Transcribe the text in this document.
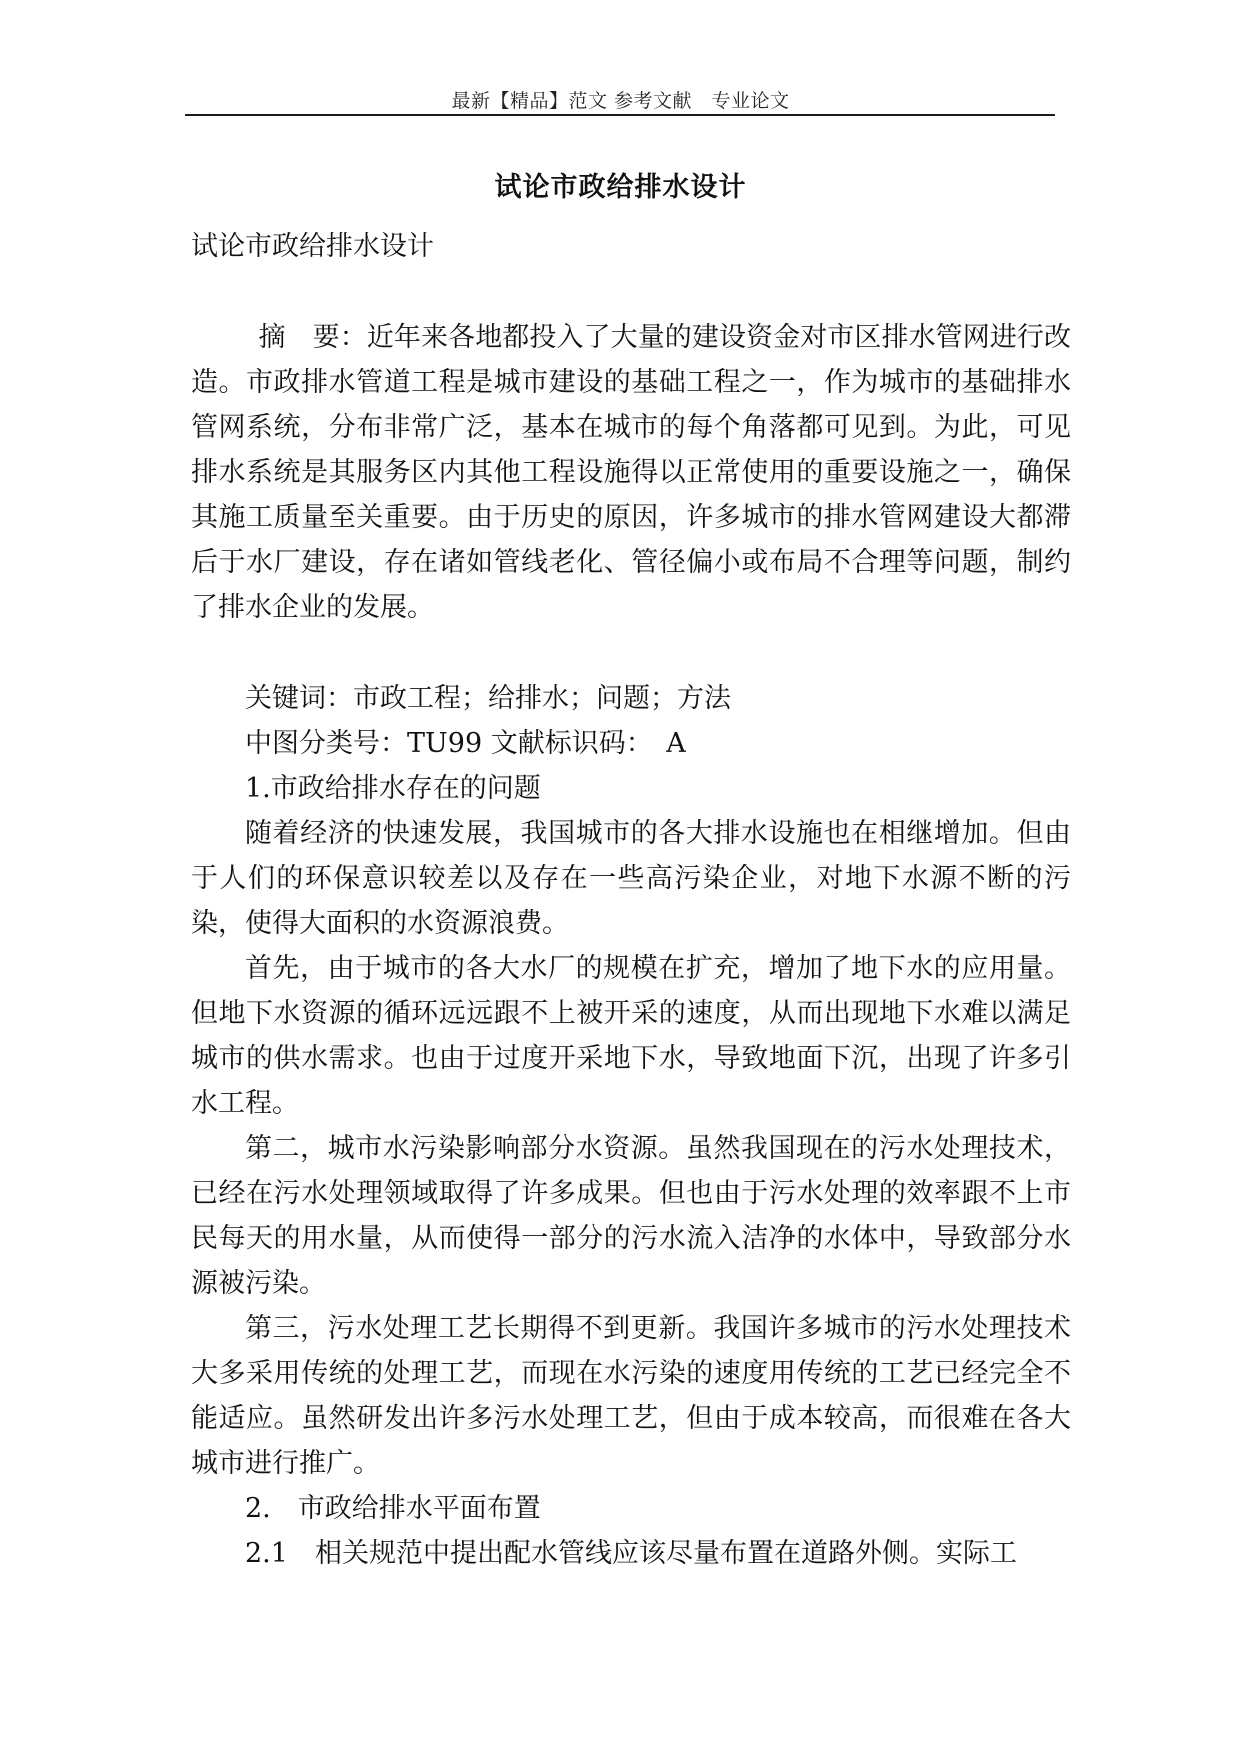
最新【精品】范文 参考文献　专业论文
试论市政给排水设计

试论市政给排水设计

摘　要：近年来各地都投入了大量的建设资金对市区排水管网进行改造。市政排水管道工程是城市建设的基础工程之一，作为城市的基础排水管网系统，分布非常广泛，基本在城市的每个角落都可见到。为此，可见排水系统是其服务区内其他工程设施得以正常使用的重要设施之一，确保其施工质量至关重要。由于历史的原因，许多城市的排水管网建设大都滞后于水厂建设，存在诸如管线老化、管径偏小或布局不合理等问题，制约了排水企业的发展。

关键词：市政工程；给排水；问题；方法

中图分类号：TU99 文献标识码：　A

1.市政给排水存在的问题

随着经济的快速发展，我国城市的各大排水设施也在相继增加。但由于人们的环保意识较差以及存在一些高污染企业，对地下水源不断的污染，使得大面积的水资源浪费。

首先，由于城市的各大水厂的规模在扩充，增加了地下水的应用量。但地下水资源的循环远远跟不上被开采的速度，从而出现地下水难以满足城市的供水需求。也由于过度开采地下水，导致地面下沉，出现了许多引水工程。

第二，城市水污染影响部分水资源。虽然我国现在的污水处理技术，已经在污水处理领域取得了许多成果。但也由于污水处理的效率跟不上市民每天的用水量，从而使得一部分的污水流入洁净的水体中，导致部分水源被污染。

第三，污水处理工艺长期得不到更新。我国许多城市的污水处理技术大多采用传统的处理工艺，而现在水污染的速度用传统的工艺已经完全不能适应。虽然研发出许多污水处理工艺，但由于成本较高，而很难在各大城市进行推广。

2.　市政给排水平面布置

2.1　相关规范中提出配水管线应该尽量布置在道路外侧。实际工
